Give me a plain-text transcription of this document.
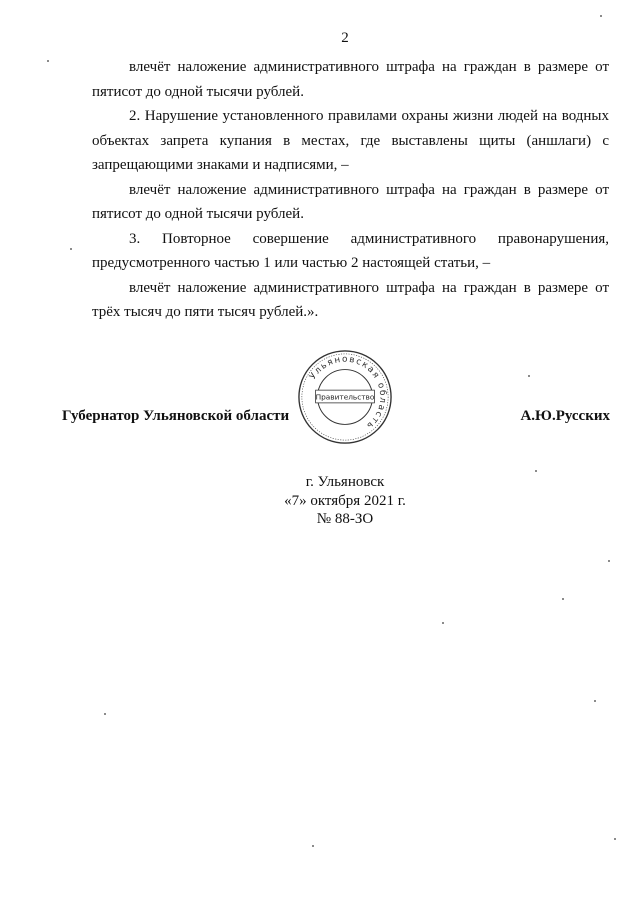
2

влечёт наложение административного штрафа на граждан в размере от пятисот до одной тысячи рублей.

2. Нарушение установленного правилами охраны жизни людей на водных объектах запрета купания в местах, где выставлены щиты (аншлаги) с запрещающими знаками и надписями, –

влечёт наложение административного штрафа на граждан в размере от пятисот до одной тысячи рублей.

3. Повторное совершение административного правонарушения, предусмотренного частью 1 или частью 2 настоящей статьи, –

влечёт наложение административного штрафа на граждан в размере от трёх тысяч до пяти тысяч рублей.».

Губернатор Ульяновской области	А.Ю.Русских
Ульяновская область
Правительство
г. Ульяновск
«7» октября 2021 г.
№ 88-ЗО
